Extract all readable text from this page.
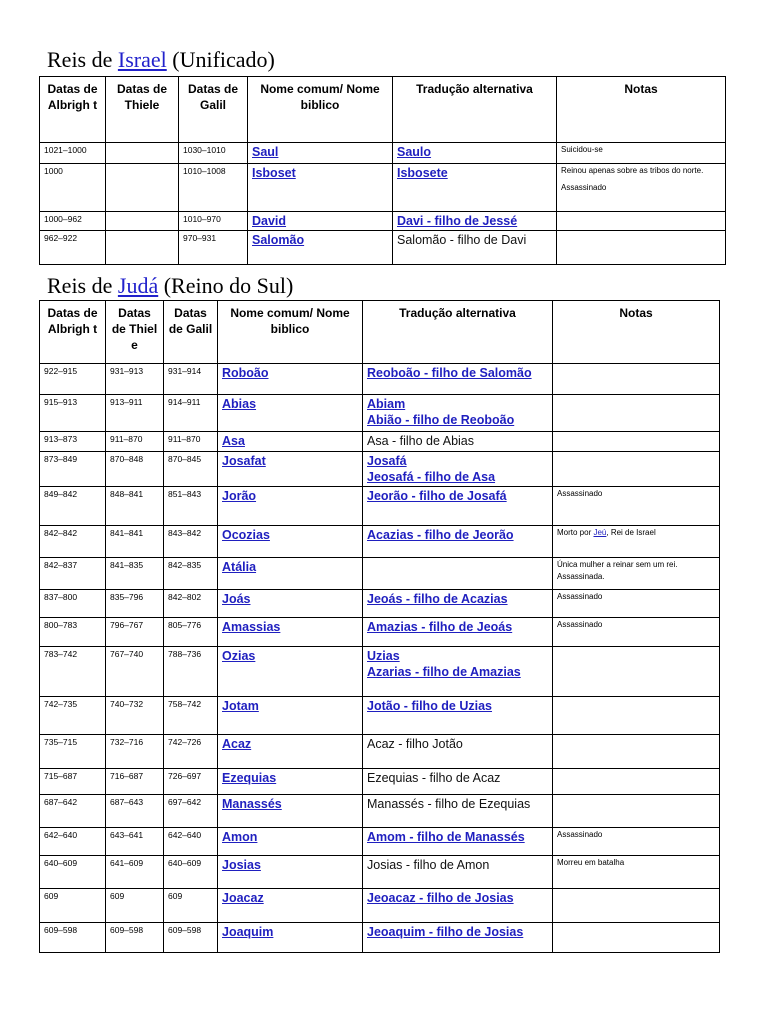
Reis de Israel (Unificado)
Datas de Albrigh t	Datas de Thiele	Datas de Galil	Nome comum/ Nome biblico	Tradução alternativa	Notas
1021–1000		1030–1010	Saul	Saulo	Suicidou-se

1000		1010–1008	Isboset	Isbosete	Reinou apenas sobre as tribos do norte.
Assassinado

1000–962		1010–970	David	Davi - filho de Jessé	
962–922		970–931	Salomão	Salomão - filho de Davi	
Reis de Judá (Reino do Sul)
Datas de Albrigh t	Datas de Thiel e	Datas de Galil	Nome comum/ Nome biblico	Tradução alternativa	Notas
922–915	931–913	931–914	Roboão	Reoboão - filho de Salomão	
915–913	913–911	914–911	Abias	Abiam
Abião - filho de Reoboão	
913–873	911–870	911–870	Asa	Asa - filho de Abias	
873–849	870–848	870–845	Josafat	Josafá
Jeosafá - filho de Asa	
849–842	848–841	851–843	Jorão	Jeorão - filho de Josafá	Assassinado

842–842	841–841	843–842	Ocozias	Acazias - filho de Jeorão	Morto por Jeú, Rei de Israel
842–837	841–835	842–835	Atália		Única mulher a reinar sem um rei. Assassinada.

837–800	835–796	842–802	Joás	Jeoás - filho de Acazias	Assassinado

800–783	796–767	805–776	Amassias	Amazias - filho de Jeoás	Assassinado

783–742	767–740	788–736	Ozias	Uzias
Azarias - filho de Amazias	
742–735	740–732	758–742	Jotam	Jotão - filho de Uzias	
735–715	732–716	742–726	Acaz	Acaz - filho Jotão	
715–687	716–687	726–697	Ezequias	Ezequias - filho de Acaz	
687–642	687–643	697–642	Manassés	Manassés - filho de Ezequias	
642–640	643–641	642–640	Amon	Amom - filho de Manassés	Assassinado

640–609	641–609	640–609	Josias	Josias - filho de Amon	Morreu em batalha

609	609	609	Joacaz	Jeoacaz - filho de Josias	
609–598	609–598	609–598	Joaquim	Jeoaquim - filho de Josias	
